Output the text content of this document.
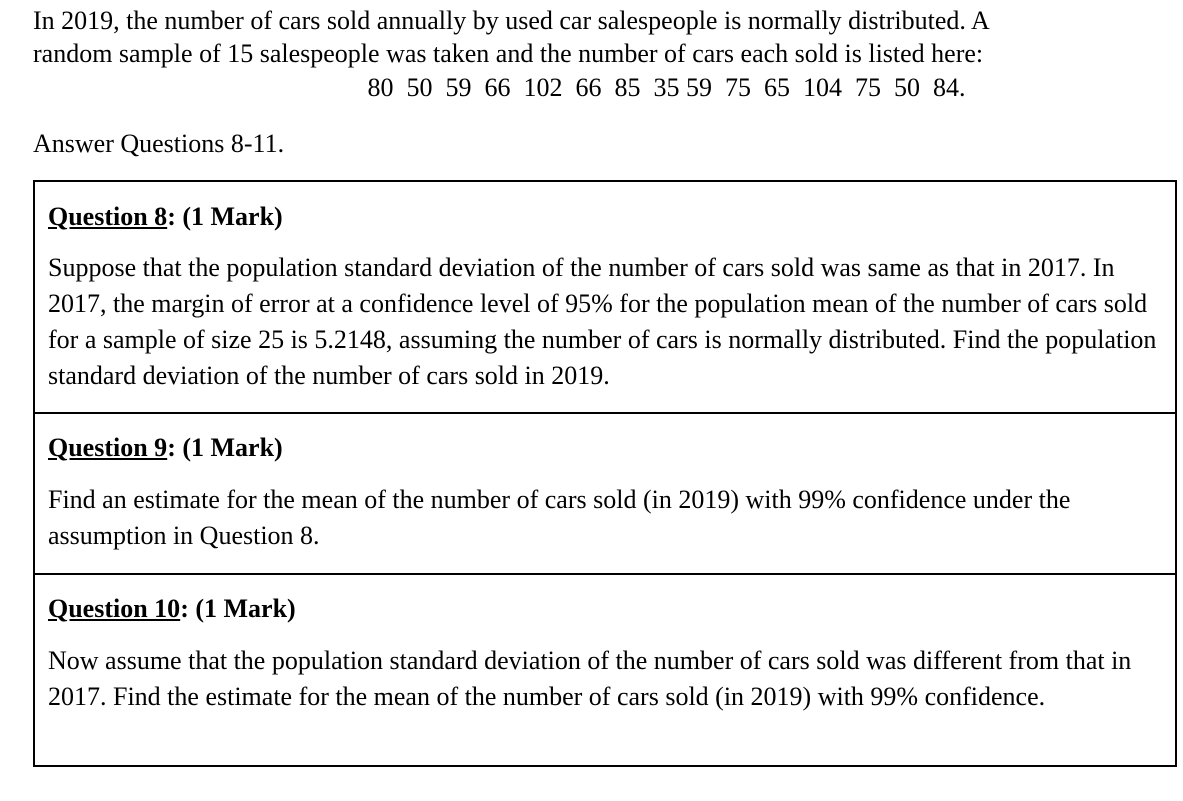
In 2019, the number of cars sold annually by used car salespeople is normally distributed. A

random sample of 15 salespeople was taken and the number of cars each sold is listed here:

80  50  59  66  102  66  85  35 59  75  65  104  75  50  84.
Answer Questions 8-11.

Question 8: (1 Mark)

Suppose that the population standard deviation of the number of cars sold was same as that in 2017. In 2017, the margin of error at a confidence level of 95% for the population mean of the number of cars sold for a sample of size 25 is 5.2148, assuming the number of cars is normally distributed. Find the population standard deviation of the number of cars sold in 2019.

Question 9: (1 Mark)

Find an estimate for the mean of the number of cars sold (in 2019) with 99% confidence under the assumption in Question 8.

Question 10: (1 Mark)

Now assume that the population standard deviation of the number of cars sold was different from that in 2017. Find the estimate for the mean of the number of cars sold (in 2019) with 99% confidence.
